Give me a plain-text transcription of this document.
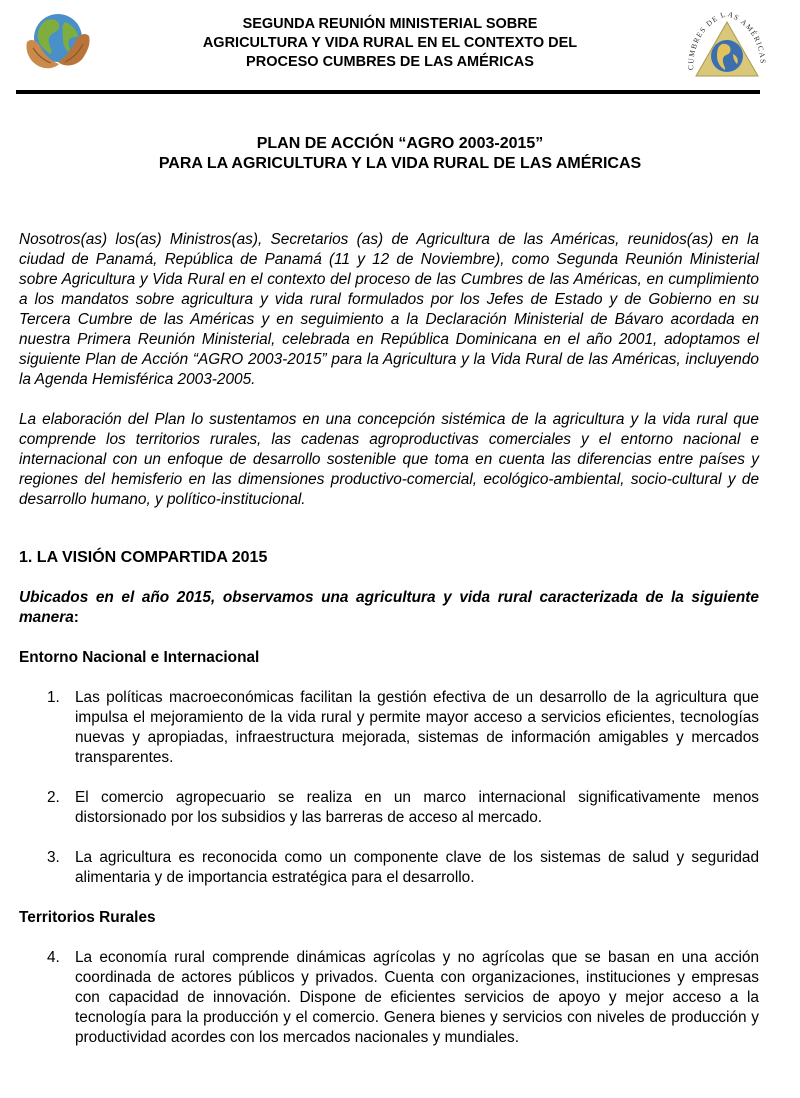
SEGUNDA REUNIÓN MINISTERIAL SOBRE
AGRICULTURA Y VIDA RURAL EN EL CONTEXTO DEL
PROCESO CUMBRES DE LAS AMÉRICAS	CUMBRES DE LAS AMÉRICAS
PLAN DE ACCIÓN “AGRO 2003-2015”
PARA LA AGRICULTURA Y LA VIDA RURAL DE LAS AMÉRICAS

Nosotros(as) los(as) Ministros(as), Secretarios (as) de Agricultura de las Américas, reunidos(as) en la ciudad de Panamá, República de Panamá (11 y 12 de Noviembre), como Segunda Reunión Ministerial sobre Agricultura y Vida Rural en el contexto del proceso de las Cumbres de las Américas, en cumplimiento a los mandatos sobre agricultura y vida rural formulados por los Jefes de Estado y de Gobierno en su Tercera Cumbre de las Américas y en seguimiento a la Declaración Ministerial de Bávaro acordada en nuestra Primera Reunión Ministerial, celebrada en República Dominicana en el año 2001, adoptamos el siguiente Plan de Acción “AGRO 2003-2015” para la Agricultura y la Vida Rural de las Américas, incluyendo la Agenda Hemisférica 2003-2005.

La elaboración del Plan lo sustentamos en una concepción sistémica de la agricultura y la vida rural que comprende los territorios rurales, las cadenas agroproductivas comerciales y el entorno nacional e internacional con un enfoque de desarrollo sostenible que toma en cuenta las diferencias entre países y regiones del hemisferio en las dimensiones productivo-comercial, ecológico-ambiental, socio-cultural y de desarrollo humano, y político-institucional.

1. LA VISIÓN COMPARTIDA 2015
Ubicados en el año 2015, observamos una agricultura y vida rural caracterizada de la siguiente manera:
Entorno Nacional e Internacional
1. Las políticas macroeconómicas facilitan la gestión efectiva de un desarrollo de la agricultura que impulsa el mejoramiento de la vida rural y permite mayor acceso a servicios eficientes, tecnologías nuevas y apropiadas, infraestructura mejorada, sistemas de información amigables y mercados transparentes.
2. El comercio agropecuario se realiza en un marco internacional significativamente menos distorsionado por los subsidios y las barreras de acceso al mercado.
3. La agricultura es reconocida como un componente clave de los sistemas de salud y seguridad alimentaria y de importancia estratégica para el desarrollo.
Territorios Rurales
4. La economía rural comprende dinámicas agrícolas y no agrícolas que se basan en una acción coordinada de actores públicos y privados. Cuenta con organizaciones, instituciones y empresas con capacidad de innovación. Dispone de eficientes servicios de apoyo y mejor acceso a la tecnología para la producción y el comercio. Genera bienes y servicios con niveles de producción y productividad acordes con los mercados nacionales y mundiales.
